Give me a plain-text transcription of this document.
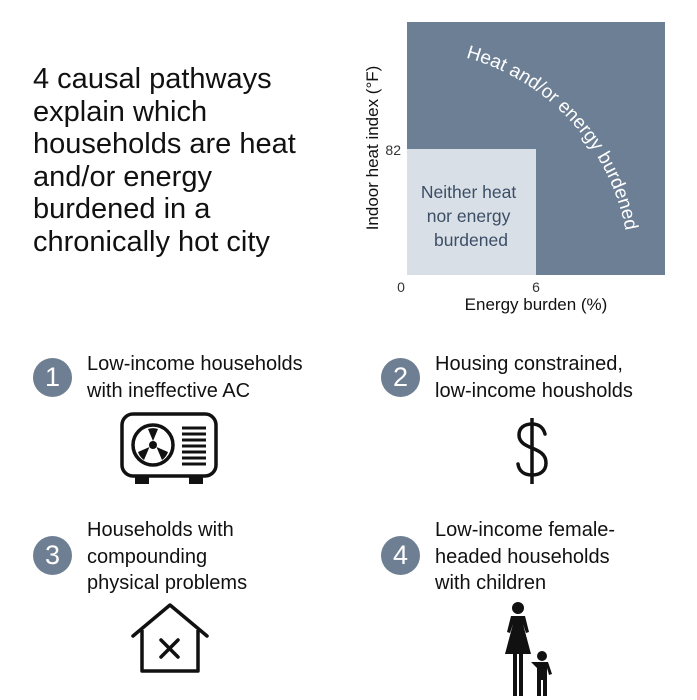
4 causal pathways explain which households are heat and/or energy burdened in a chronically hot city
Heat and/or energy burdened
Neither heat nor energy burdened
Indoor heat index (°F) 82
0	6
Energy burden (%)
1	Low-income households
with ineffective AC	2	Housing constrained,
low-income housholds
3
Households with
compounding
physical problems
4
Low-income female-
headed households
with children
